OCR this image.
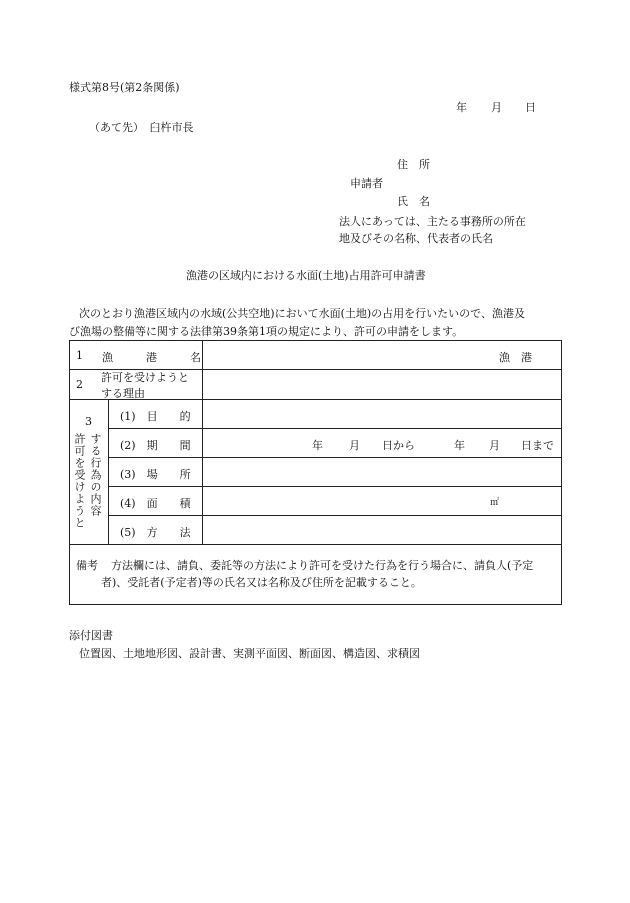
様式第8号(第2条関係)
年 月 日
（あて先）　臼杵市長
住　所
申請者
氏　名
法人にあっては、主たる事務所の所在
地及びその名称、代表者の氏名
漁港の区域内における水面(土地)占用許可申請書
次のとおり漁港区域内の水域(公共空地)において水面(土地)の占用を行いたいので、漁港及
び漁場の整備等に関する法律第39条第1項の規定により、許可の申請をします。
1 漁　　　港　　　名	漁　港
2
許可を受けようと
する理由
3
許可を受けようと する行為の内容
(1)　目　　的
(2)　期　　間
(3)　場　　所
(4)　面　　積
(5)　方　　法
年 月 日から	年 月 日まで
㎡
備考 方法欄には、請負、委託等の方法により許可を受けた行為を行う場合に、請負人(予定
者)、受託者(予定者)等の氏名又は名称及び住所を記載すること。
添付図書
位置図、土地地形図、設計書、実測平面図、断面図、構造図、求積図
